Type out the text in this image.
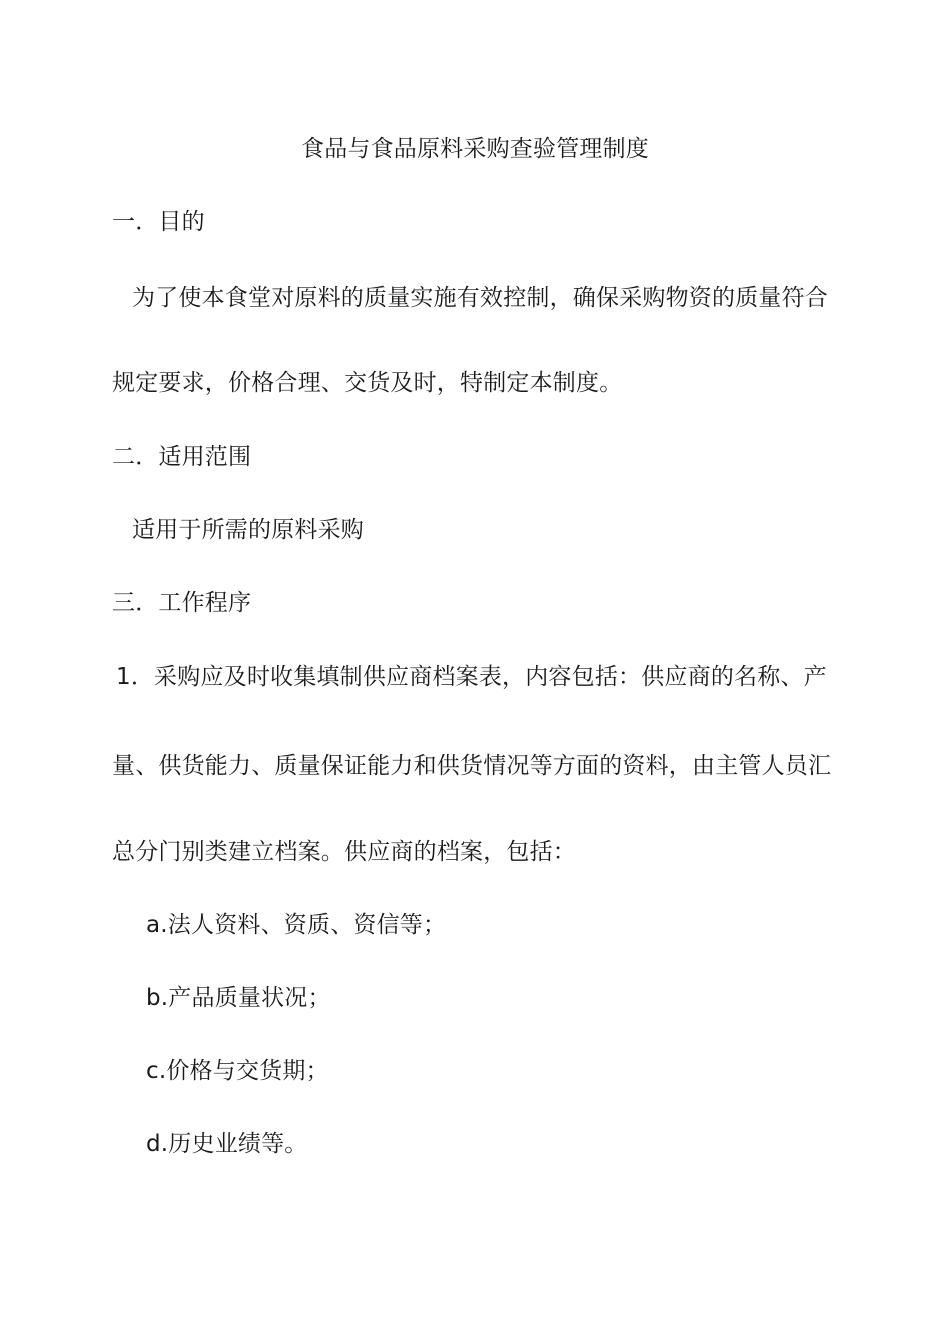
食品与食品原料采购查验管理制度
一．目的
为了使本食堂对原料的质量实施有效控制，确保采购物资的质量符合
规定要求，价格合理、交货及时，特制定本制度。
二．适用范围
适用于所需的原料采购
三．工作程序
1．采购应及时收集填制供应商档案表，内容包括：供应商的名称、产
量、供货能力、质量保证能力和供货情况等方面的资料，由主管人员汇
总分门别类建立档案。供应商的档案，包括：
a.法人资料、资质、资信等；
b.产品质量状况；
c.价格与交货期；
d.历史业绩等。
